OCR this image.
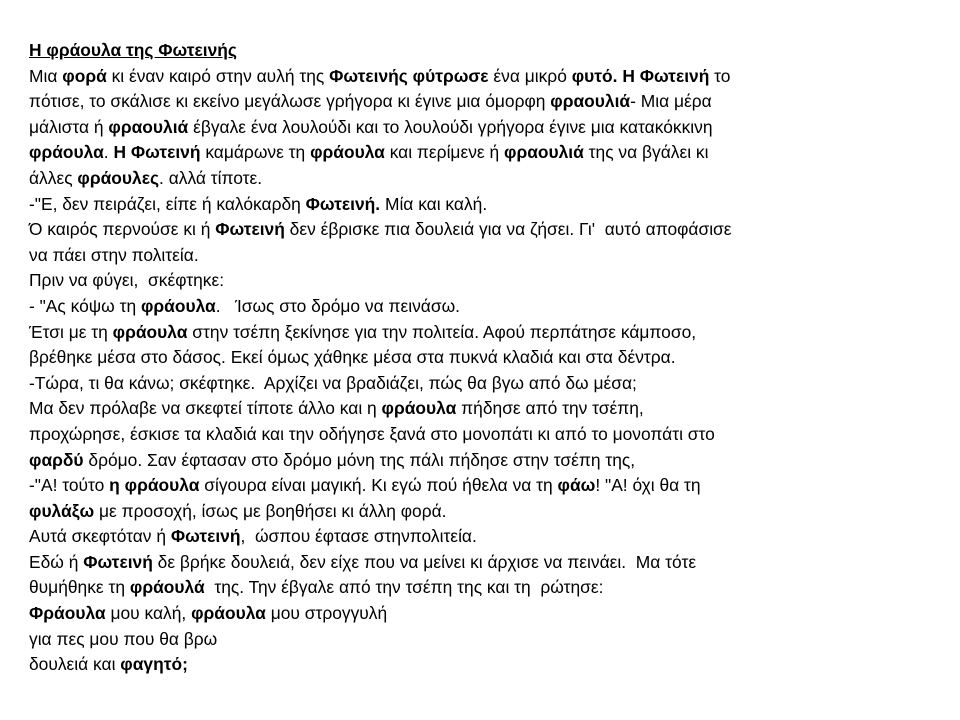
Η φράουλα της Φωτεινής
Μια φορά κι έναν καιρό στην αυλή της Φωτεινής φύτρωσε ένα μικρό φυτό. Η Φωτεινή το
πότισε, το σκάλισε κι εκείνο μεγάλωσε γρήγορα κι έγινε μια όμορφη φραουλιά- Μια μέρα
μάλιστα ή φραουλιά έβγαλε ένα λουλούδι και το λουλούδι γρήγορα έγινε μια κατακόκκινη
φράουλα. Η Φωτεινή καμάρωνε τη φράουλα και περίμενε ή φραουλιά της να βγάλει κι
άλλες φράουλες. αλλά τίποτε.
-"Ε, δεν πειράζει, είπε ή καλόκαρδη Φωτεινή. Μία και καλή.
Ό καιρός περνούσε κι ή Φωτεινή δεν έβρισκε πια δουλειά για να ζήσει. Γι'  αυτό αποφάσισε
να πάει στην πολιτεία.
Πριν να φύγει,  σκέφτηκε:
- "Ας κόψω τη φράουλα.   Ίσως στο δρόμο να πεινάσω.
Έτσι με τη φράουλα στην τσέπη ξεκίνησε για την πολιτεία. Αφού περπάτησε κάμποσο,
βρέθηκε μέσα στο δάσος. Εκεί όμως χάθηκε μέσα στα πυκνά κλαδιά και στα δέντρα.
-Τώρα, τι θα κάνω; σκέφτηκε.  Αρχίζει να βραδιάζει, πώς θα βγω από δω μέσα;
Μα δεν πρόλαβε να σκεφτεί τίποτε άλλο και η φράουλα πήδησε από την τσέπη,
προχώρησε, έσκισε τα κλαδιά και την οδήγησε ξανά στο μονοπάτι κι από το μονοπάτι στο
φαρδύ δρόμο. Σαν έφτασαν στο δρόμο μόνη της πάλι πήδησε στην τσέπη της,
-"Α! τούτο η φράουλα σίγουρα είναι μαγική. Κι εγώ πού ήθελα να τη φάω! "Α! όχι θα τη
φυλάξω με προσοχή, ίσως με βοηθήσει κι άλλη φορά.
Αυτά σκεφτόταν ή Φωτεινή,  ώσπου έφτασε στηνπολιτεία.
Εδώ ή Φωτεινή δε βρήκε δουλειά, δεν είχε που να μείνει κι άρχισε να πεινάει.  Μα τότε
θυμήθηκε τη φράουλά  της. Την έβγαλε από την τσέπη της και τη  ρώτησε:
Φράουλα μου καλή, φράουλα μου στρογγυλή
για πες μου που θα βρω
δουλειά και φαγητό;
